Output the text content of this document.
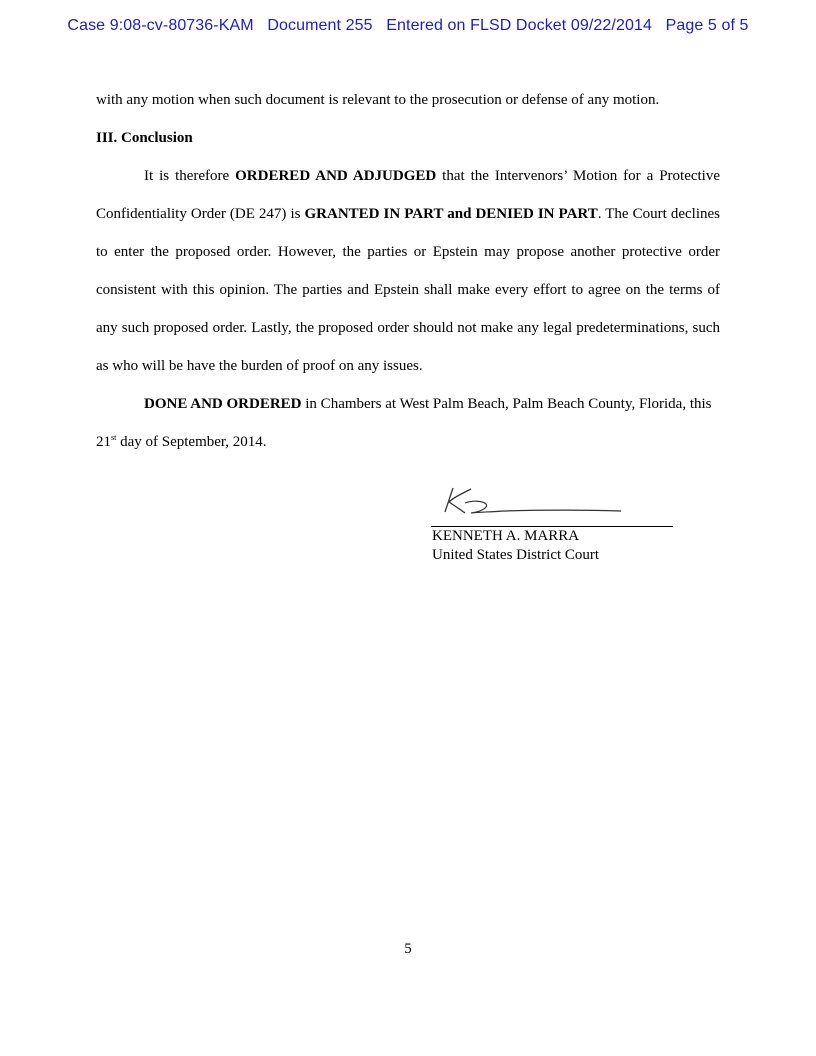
Case 9:08-cv-80736-KAM Document 255 Entered on FLSD Docket 09/22/2014 Page 5 of 5
with any motion when such document is relevant to the prosecution or defense of any motion.
III. Conclusion
It is therefore ORDERED AND ADJUDGED that the Intervenors’ Motion for a Protective Confidentiality Order (DE 247) is GRANTED IN PART and DENIED IN PART. The Court declines to enter the proposed order. However, the parties or Epstein may propose another protective order consistent with this opinion. The parties and Epstein shall make every effort to agree on the terms of any such proposed order. Lastly, the proposed order should not make any legal predeterminations, such as who will be have the burden of proof on any issues.
DONE AND ORDERED in Chambers at West Palm Beach, Palm Beach County, Florida, this 21st day of September, 2014.
KENNETH A. MARRA
United States District Court
5
